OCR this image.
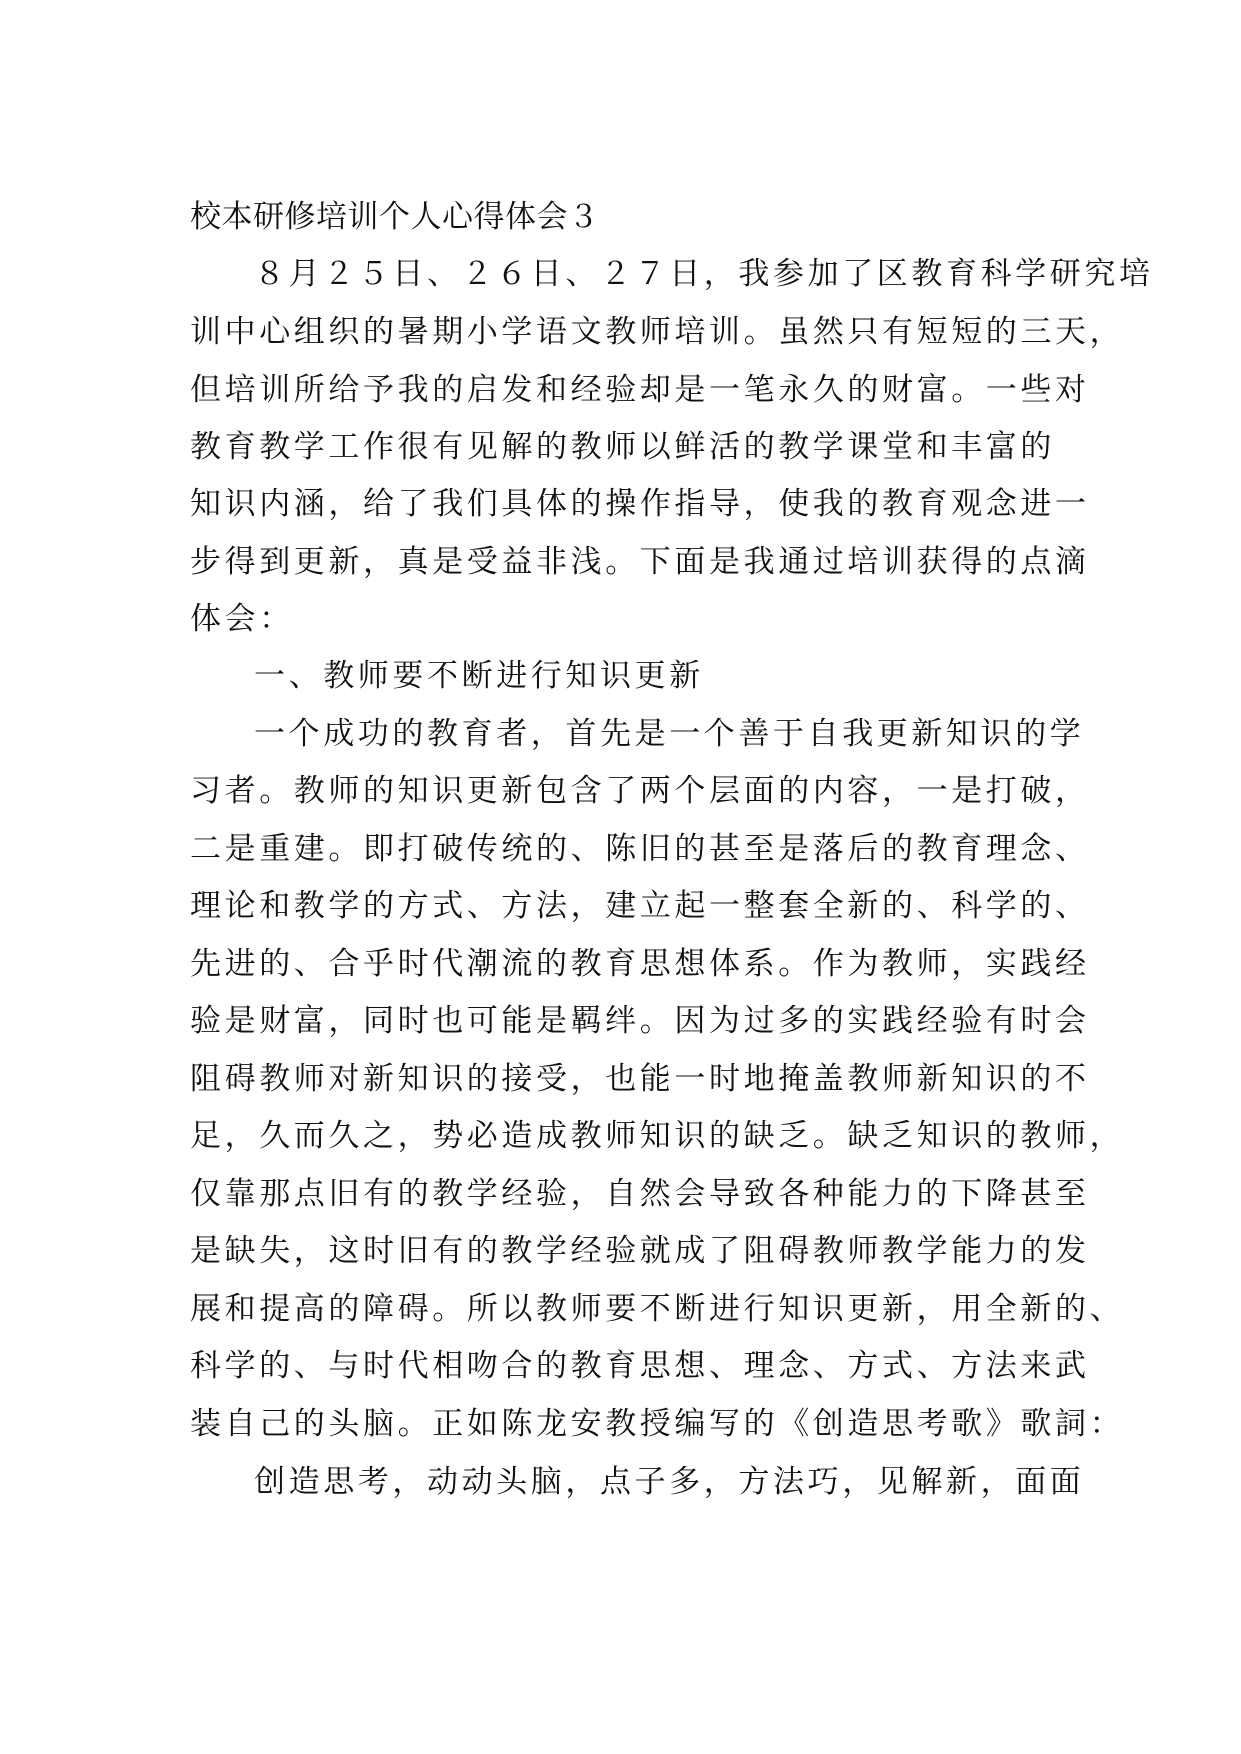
校本研修培训个人心得体会３
８月２５日、２６日、２７日，我参加了区教育科学研究培
训中心组织的暑期小学语文教师培训。虽然只有短短的三天，
但培训所给予我的启发和经验却是一笔永久的财富。一些对
教育教学工作很有见解的教师以鲜活的教学课堂和丰富的
知识内涵，给了我们具体的操作指导，使我的教育观念进一
步得到更新，真是受益非浅。下面是我通过培训获得的点滴
体会：
一、教师要不断进行知识更新
一个成功的教育者，首先是一个善于自我更新知识的学
习者。教师的知识更新包含了两个层面的内容，一是打破，
二是重建。即打破传统的、陈旧的甚至是落后的教育理念、
理论和教学的方式、方法，建立起一整套全新的、科学的、
先进的、合乎时代潮流的教育思想体系。作为教师，实践经
验是财富，同时也可能是羁绊。因为过多的实践经验有时会
阻碍教师对新知识的接受，也能一时地掩盖教师新知识的不
足，久而久之，势必造成教师知识的缺乏。缺乏知识的教师，
仅靠那点旧有的教学经验，自然会导致各种能力的下降甚至
是缺失，这时旧有的教学经验就成了阻碍教师教学能力的发
展和提高的障碍。所以教师要不断进行知识更新，用全新的、
科学的、与时代相吻合的教育思想、理念、方式、方法来武
装自己的头脑。正如陈龙安教授编写的《创造思考歌》歌詞：
创造思考，动动头脑，点子多，方法巧，见解新，面面
